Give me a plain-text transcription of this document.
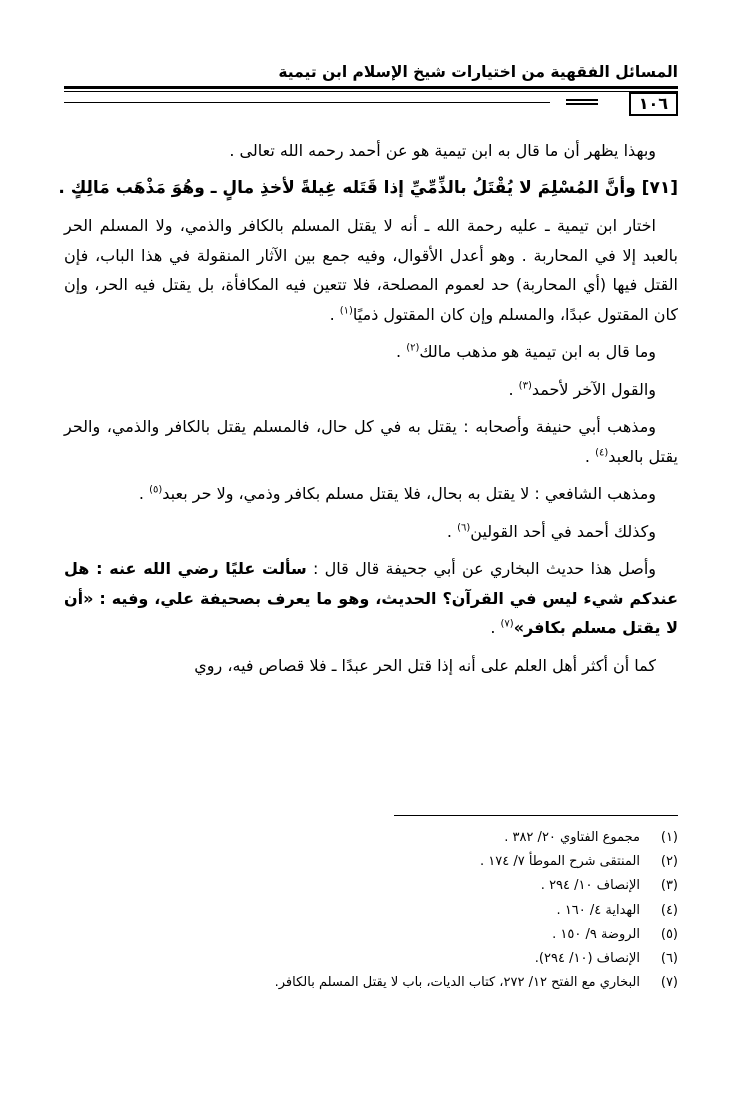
المسائل الفقهية من اختيارات شيخ الإسلام ابن تيمية
١٠٦

وبهذا يظهر أن ما قال به ابن تيمية هو عن أحمد رحمه الله تعالى .

[٧١] وأنَّ المُسْلِمَ لا يُقْتَلُ بالذِّمِّيِّ إذا قَتَله غِيلةً لأخذِ مالٍ ـ وهُوَ مَذْهَب مَالِكٍ .

اختار ابن تيمية ـ عليه رحمة الله ـ أنه لا يقتل المسلم بالكافر والذمي، ولا المسلم الحر بالعبد إلا في المحاربة . وهو أعدل الأقوال، وفيه جمع بين الآثار المنقولة في هذا الباب، فإن القتل فيها (أي المحاربة) حد لعموم المصلحة، فلا تتعين فيه المكافأة، بل يقتل فيه الحر، وإن كان المقتول عبدًا، والمسلم وإن كان المقتول ذميًا$^{(١)}$ .

وما قال به ابن تيمية هو مذهب مالك$^{(٢)}$ .

والقول الآخر لأحمد$^{(٣)}$ .

ومذهب أبي حنيفة وأصحابه : يقتل به في كل حال، فالمسلم يقتل بالكافر والذمي، والحر يقتل بالعبد$^{(٤)}$ .

ومذهب الشافعي : لا يقتل به بحال، فلا يقتل مسلم بكافر وذمي، ولا حر بعبد$^{(٥)}$ .

وكذلك أحمد في أحد القولين$^{(٦)}$ .

وأصل هذا حديث البخاري عن أبي جحيفة قال قال : سألت عليًا رضي الله عنه : هل عندكم شيء ليس في القرآن؟ الحديث، وهو ما يعرف بصحيفة علي، وفيه : «أن لا يقتل مسلم بكافر»$^{(٧)}$ .

كما أن أكثر أهل العلم على أنه إذا قتل الحر عبدًا ـ فلا قصاص فيه، روي

(١)
مجموع الفتاوي ٢٠/ ٣٨٢ .
(٢)
المنتقى شرح الموطأ ٧/ ١٧٤ .
(٣)
الإنصاف ١٠/ ٢٩٤ .
(٤)
الهداية ٤/ ١٦٠ .
(٥)
الروضة ٩/ ١٥٠ .
(٦)
الإنصاف (١٠/ ٢٩٤).
(٧)
البخاري مع الفتح ١٢/ ٢٧٢، كتاب الديات، باب لا يقتل المسلم بالكافر.
